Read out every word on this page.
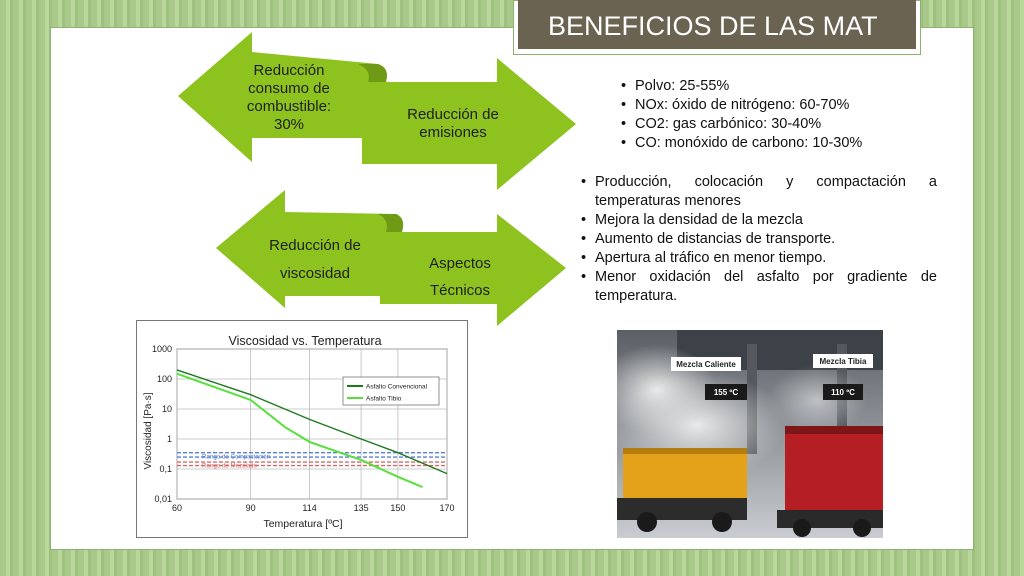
BENEFICIOS DE LAS MAT
Reducción
consumo de
combustible:
30%
Reducción de
emisiones
Reducción de
viscosidad
Aspectos
Técnicos
• Polvo: 25-55%
• NOx: óxido de nitrógeno: 60-70%
• CO2: gas carbónico: 30-40%
• CO: monóxido de carbono: 10-30%
• Producción, colocación y compactación a temperaturas menores
• Mejora la densidad de la mezcla
• Aumento de distancias de transporte.
• Apertura al tráfico en menor tiempo.
• Menor oxidación del asfalto por gradiente de temperatura.
Viscosidad vs. Temperatura
Viscosidad [Pa·s]
Temperatura [ºC]
Rango de Compactación
Rango de Mezclado
0,01
0,1
1
10
100
1000
60	90	114	135 150	170
Asfalto Convencional
Asfalto Tibio
Mezcla Caliente	Mezcla Tibia
155 ºC	110 ºC
